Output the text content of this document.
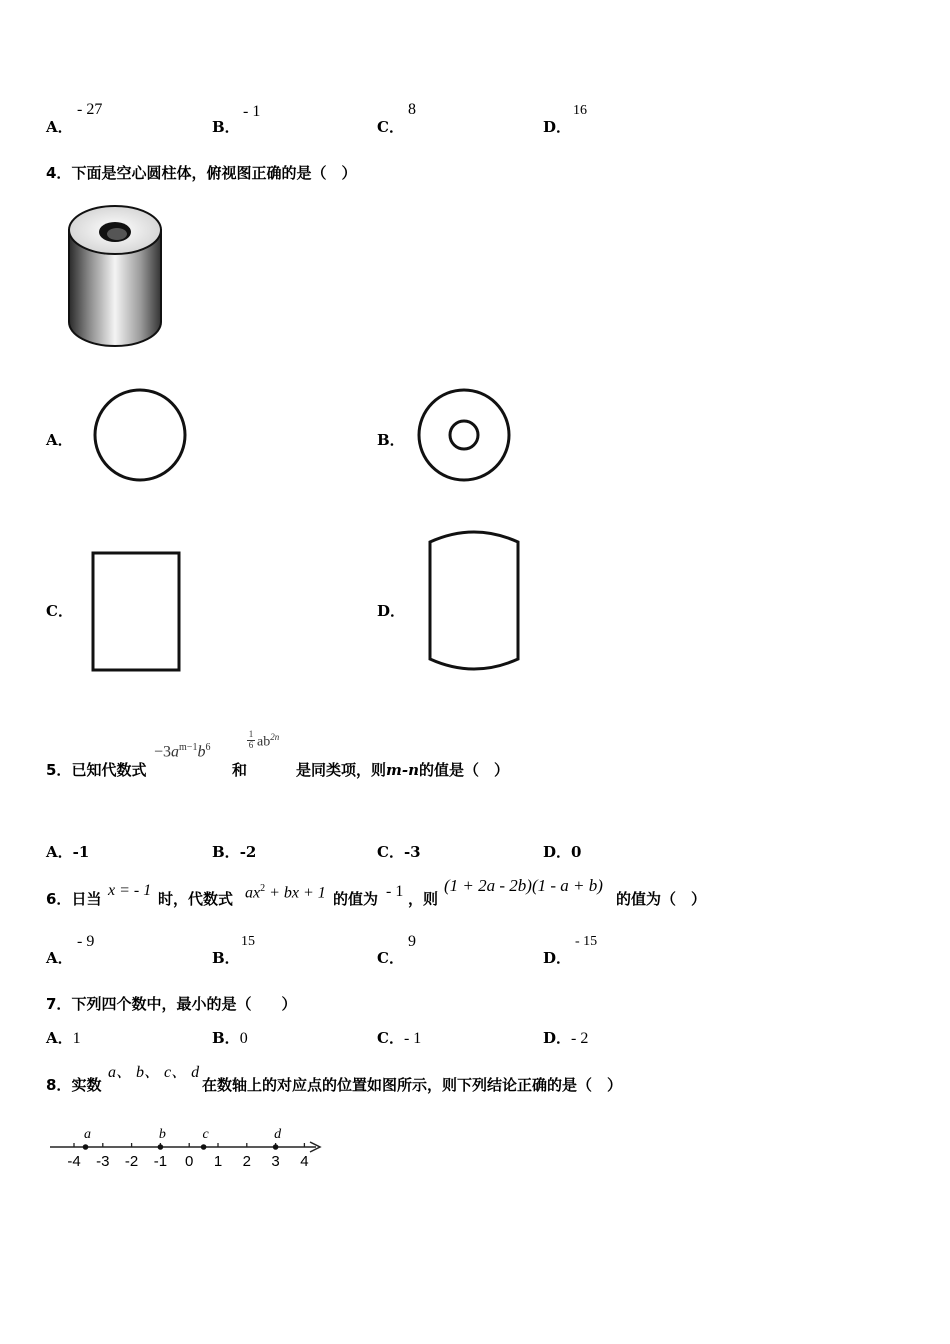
A．
- 27
B．
- 1
C．
8
D．
16
4．下面是空心圆柱体，俯视图正确的是（　）
A．	B．
C．	D．
5．已知代数式
$-3a^{m-1}b^6$
和
$\frac{1}{6} ab^{2n}$
是同类项，则m-n的值是（　）
A．-1	B．-2	C．-3	D．0
6．日当 x = - 1 时，代数式 $ax^2$ + bx + 1 的值为 - 1 ，则
(1 + 2a - 2b)(1 - a + b)
的值为（　）
A．
- 9
B．
15
C．
9
D．
- 15
7．下列四个数中，最小的是（　　）
A．1	B．0	C．- 1	D．- 2
8．实数
a、 b、 c、 d
在数轴上的对应点的位置如图所示，则下列结论正确的是（　）
-4 -3 -2 -1 0 1 2 3 4
a	b	c	d
